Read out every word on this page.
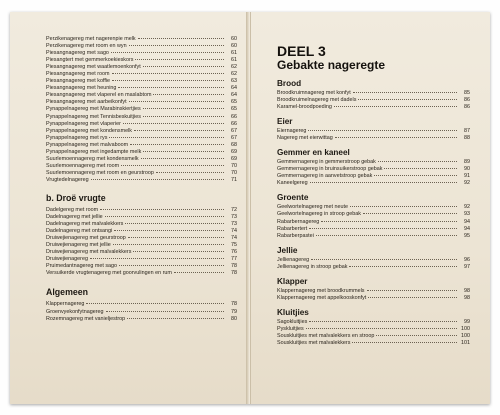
Perzikenagereg met nagerenpie melk	60
Perzikenagereg met room en wyn	60
Piesangnagereg met sago	61
Piesangtert met gemmerkoekieskors	61
Piesangnagereg met waatlemoenkonfyt	62
Piesangnagereg met room	62
Piesangnagereg met koffie	63
Piesangnagereg met heuning	64
Piesangnagereg met vlaperel en maslabtom	64
Piesangnagereg met aarbeikonfyt	65
Pynappelnagereg met Marabinskiertjies	65
Pynappelnagereg met Tennisbeskuitjies	66
Pynappelnagereg met vlaperier	66
Pynappelnagereg met kondensmelk	67
Pynappelnagereg met rys	67
Pynappelnagereg met malvaboom	68
Pynappelnagereg met ingedampte melk	69
Suurlemoennagereg met kondensmelk	69
Suurlemoennagereg met room	70
Suurlemoennagereg met room en geurstroop	70
Vrugtedelnagereg	71
b. Droë vrugte
Dadelgereg met room	72
Dadelnagereg met jellie	73
Dadelnagereg met malvalekkers	73
Dadelnagereg met ontsangi	74
Druiwejienagereg met geurstroop	74
Druiwejienagereg met jellie	75
Druiwejienagereg met malvalekkers	76
Druiwejienagereg	77
Pruimedantnagereg met sago	78
Versuikerde vrugtenagereg met goorvulingen en rum	78
Algemeen
Klappernagereg	78
Groenvyekonfytnagereg	79
Rozemnagereg met vanieljestrop	80
DEEL 3
Gebakte nageregte
Brood
Broodkruimnagereg met konfyt	85
Broodkruimelnagereg met dadels	86
Karamel-broodpoeding	86
Eier
Eiernagereg	87
Nagereg met eierwittag	88
Gemmer en kaneel
Gemmernagereg in gemmerstroop gebak	89
Gemmernagereg in bruinsuikerstroop gebak	90
Gemmernagereg in aanvetstroop gebak	91
Kaneelgereg	92
Groente
Geelwortelnagereg met neute	92
Geelwortelnagereg in stroop gebak	93
Rabarbernagereg	94
Rabarbertert	94
Rabarberpastei	95
Jellie
Jellienagereg	96
Jellienagereg in stroop gebak	97
Klapper
Klappernagereg met broodkrummels	98
Klappernagereg met appelkooskonfyt	98
Kluitjies
Sagokluitjies	99
Pyskluitjies	100
Souskluitjies met malvalekkers en stroop	100
Souskluitjies met malvalekkers	101
